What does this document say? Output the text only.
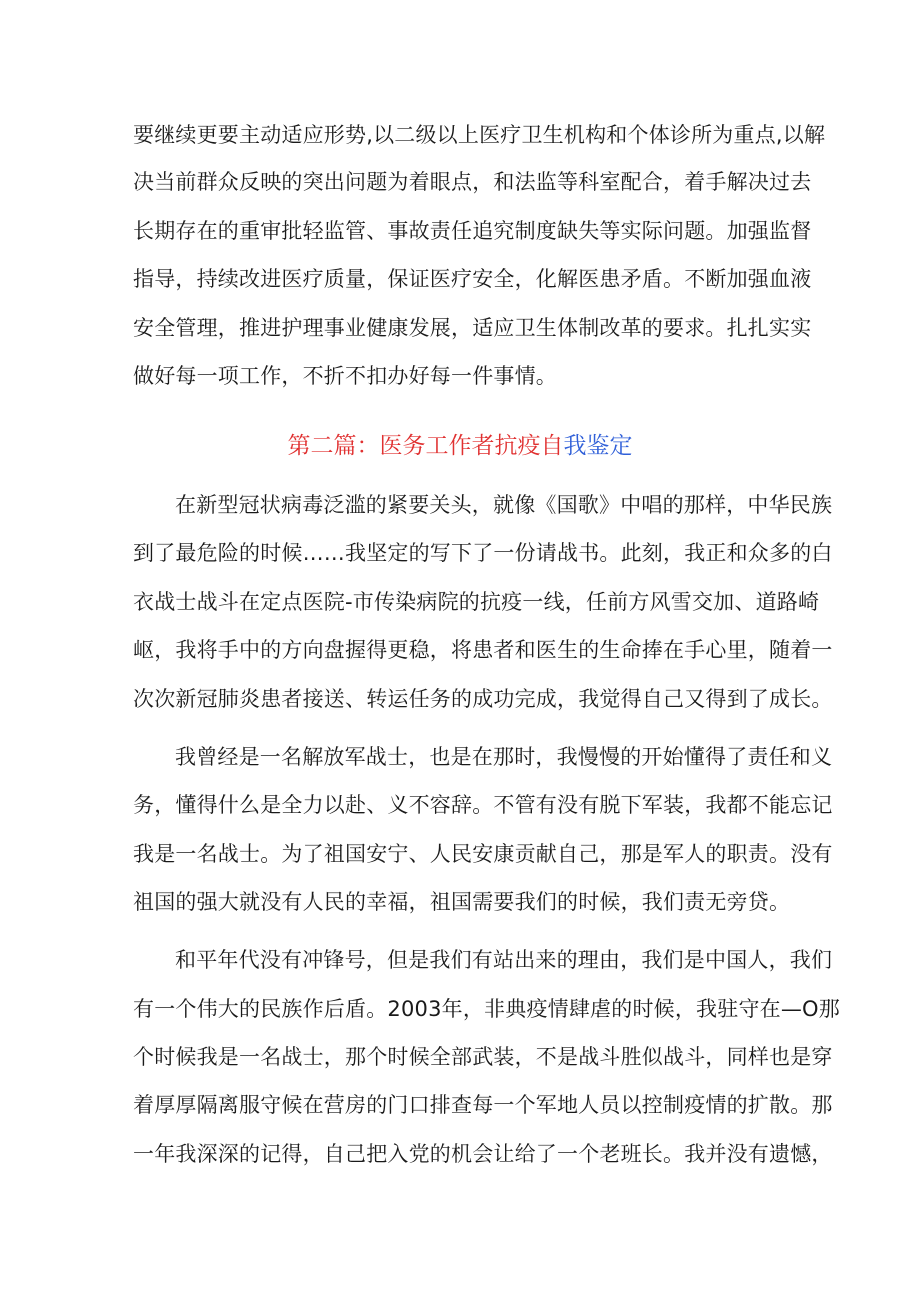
要继续更要主动适应形势,以二级以上医疗卫生机构和个体诊所为重点,以解
决当前群众反映的突出问题为着眼点，和法监等科室配合，着手解决过去
长期存在的重审批轻监管、事故责任追究制度缺失等实际问题。加强监督
指导，持续改进医疗质量，保证医疗安全，化解医患矛盾。不断加强血液
安全管理，推进护理事业健康发展，适应卫生体制改革的要求。扎扎实实
做好每一项工作，不折不扣办好每一件事情。
第二篇：医务工作者抗疫自我鉴定
在新型冠状病毒泛滥的紧要关头，就像《国歌》中唱的那样，中华民族
到了最危险的时候……我坚定的写下了一份请战书。此刻，我正和众多的白
衣战士战斗在定点医院-市传染病院的抗疫一线，任前方风雪交加、道路崎
岖，我将手中的方向盘握得更稳，将患者和医生的生命捧在手心里，随着一
次次新冠肺炎患者接送、转运任务的成功完成，我觉得自己又得到了成长。
我曾经是一名解放军战士，也是在那时，我慢慢的开始懂得了责任和义
务，懂得什么是全力以赴、义不容辞。不管有没有脱下军装，我都不能忘记
我是一名战士。为了祖国安宁、人民安康贡献自己，那是军人的职责。没有
祖国的强大就没有人民的幸福，祖国需要我们的时候，我们责无旁贷。
和平年代没有冲锋号，但是我们有站出来的理由，我们是中国人，我们
有一个伟大的民族作后盾。2003年，非典疫情肆虐的时候，我驻守在—O那
个时候我是一名战士，那个时候全部武装，不是战斗胜似战斗，同样也是穿
着厚厚隔离服守候在营房的门口排查每一个军地人员以控制疫情的扩散。那
一年我深深的记得，自己把入党的机会让给了一个老班长。我并没有遗憾，
